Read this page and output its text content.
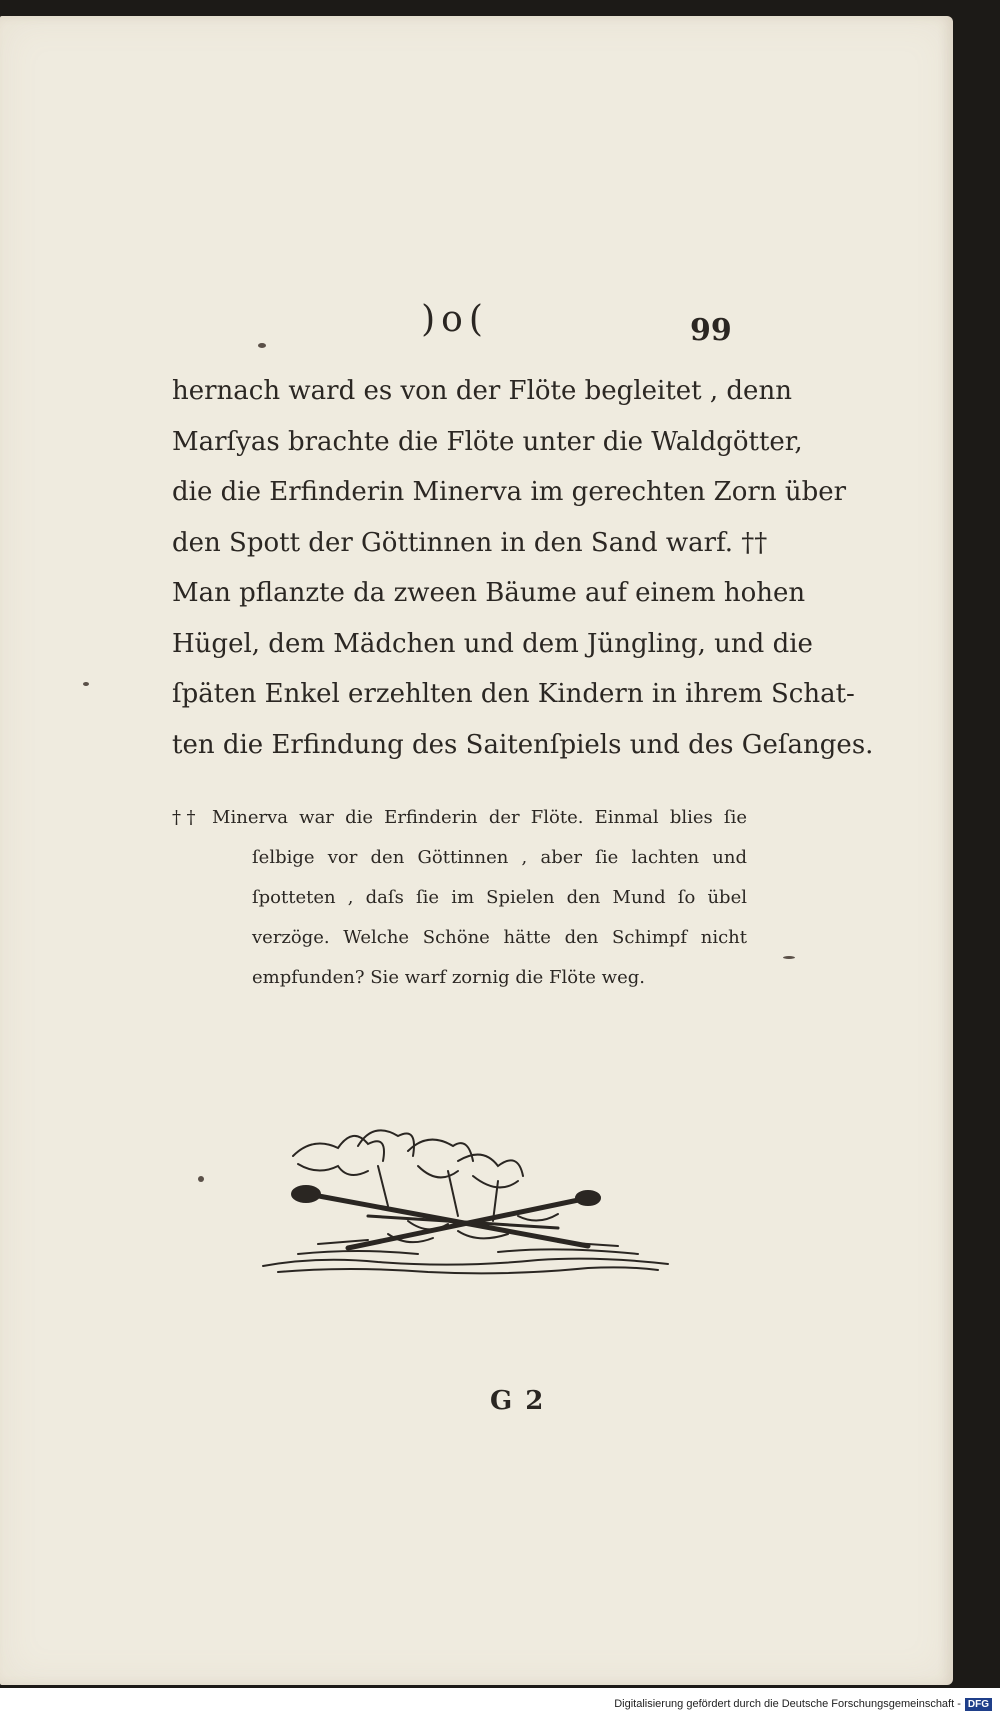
)o(	99
hernach ward es von der Flöte begleitet , denn
Marſyas brachte die Flöte unter die Waldgötter,
die die Erfinderin Minerva im gerechten Zorn über
den Spott der Göttinnen in den Sand warf. ††
Man pflanzte da zween Bäume auf einem hohen
Hügel, dem Mädchen und dem Jüngling, und die
ſpäten Enkel erzehlten den Kindern in ihrem Schat-
ten die Erfindung des Saitenſpiels und des Geſanges.
†† Minerva war die Erfinderin der Flöte. Einmal blies ſie
ſelbige vor den Göttinnen , aber ſie lachten und
ſpotteten , daſs ſie im Spielen den Mund ſo übel
verzöge. Welche Schöne hätte den Schimpf nicht
empfunden? Sie warf zornig die Flöte weg.
G 2
Digitalisierung gefördert durch die Deutsche Forschungsgemeinschaft - DFG
